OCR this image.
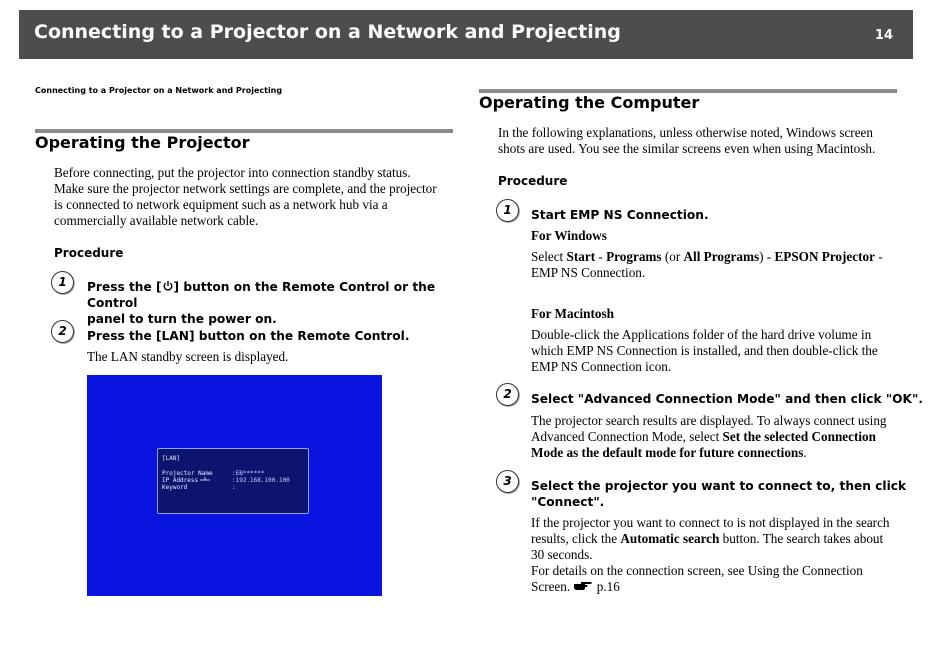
Connecting to a Projector on a Network and Projecting	14
Connecting to a Projector on a Network and Projecting
Operating the Projector
Before connecting, put the projector into connection standby status.
Make sure the projector network settings are complete, and the projector
is connected to network equipment such as a network hub via a
commercially available network cable.
Procedure
1	Press the [ ] button on the Remote Control or the Control
panel to turn the power on.
2	Press the [LAN] button on the Remote Control.
The LAN standby screen is displayed.
[LAN]
Projector Name	:EB******
IP Address	:192.168.100.100
Keyword	:
Operating the Computer
In the following explanations, unless otherwise noted, Windows screen
shots are used. You see the similar screens even when using Macintosh.
Procedure
1	Start EMP NS Connection.
For Windows
Select Start - Programs (or All Programs) - EPSON Projector -
EMP NS Connection.
For Macintosh
Double-click the Applications folder of the hard drive volume in
which EMP NS Connection is installed, and then double-click the
EMP NS Connection icon.
2	Select "Advanced Connection Mode" and then click "OK".
The projector search results are displayed. To always connect using
Advanced Connection Mode, select Set the selected Connection
Mode as the default mode for future connections.
3	Select the projector you want to connect to, then click
"Connect".
If the projector you want to connect to is not displayed in the search
results, click the Automatic search button. The search takes about
30 seconds.
For details on the connection screen, see Using the Connection
Screen.  p.16
